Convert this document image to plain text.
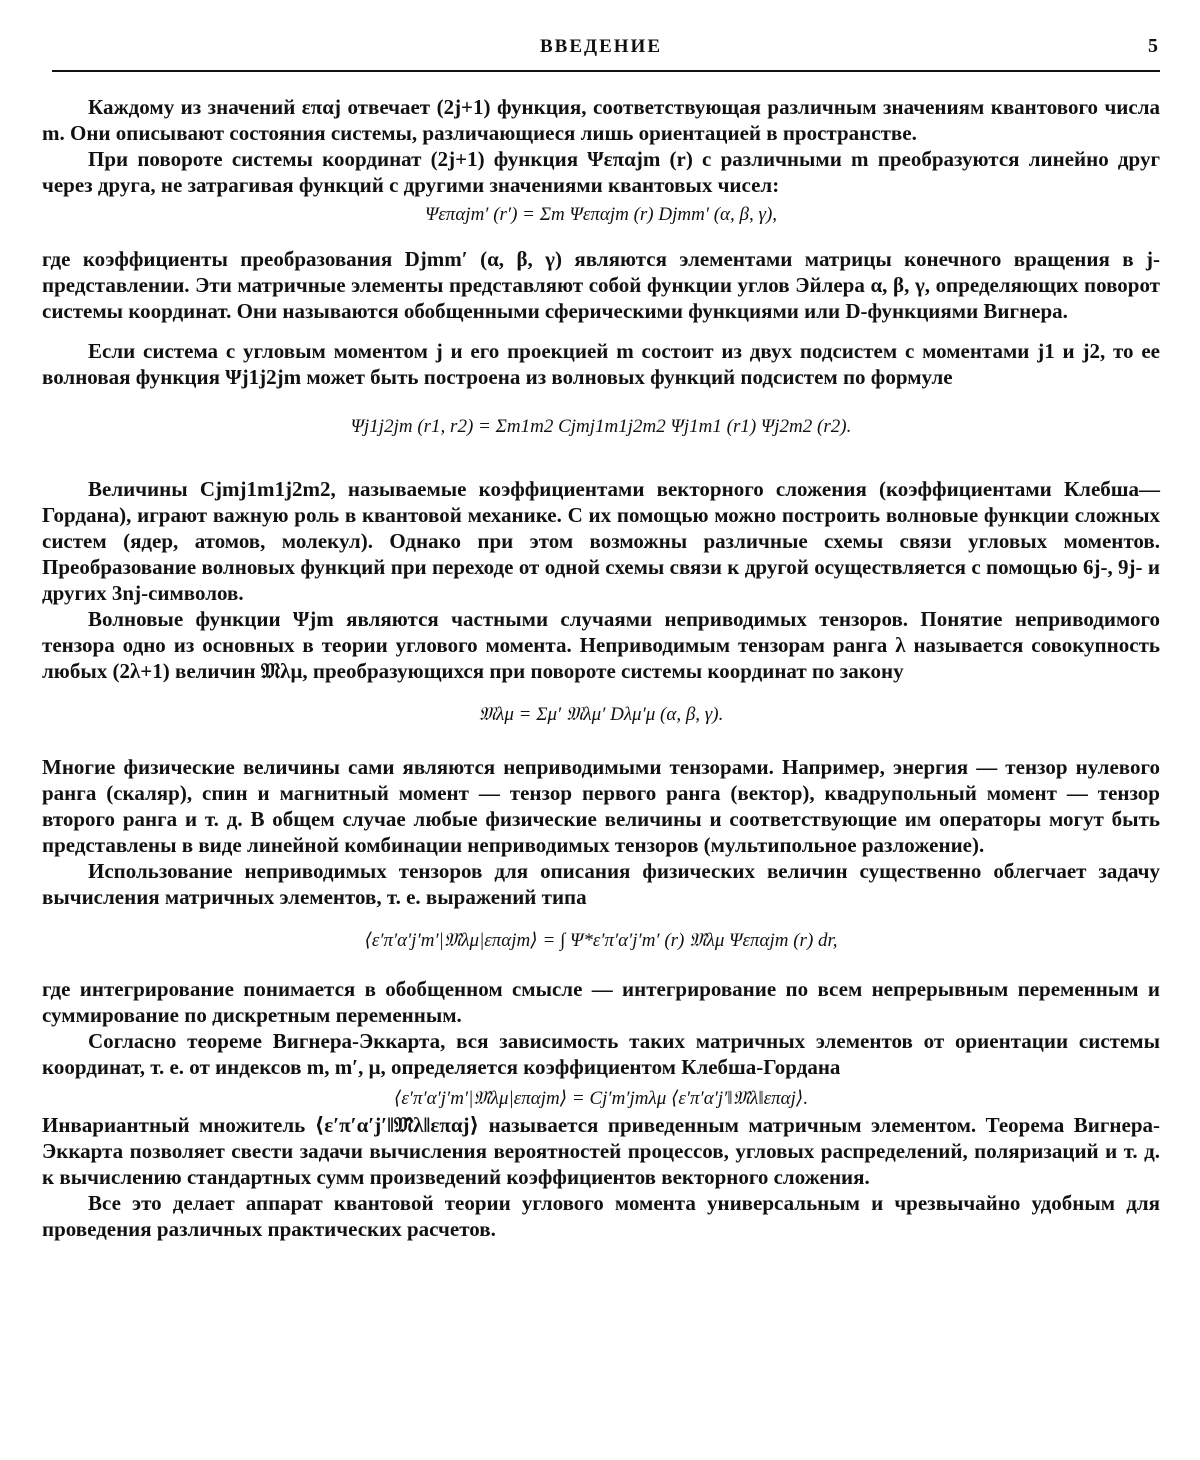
ВВЕДЕНИЕ	5

Каждому из значений επαj отвечает (2j+1) функция, соответствующая различным значениям квантового числа m. Они описывают состояния системы, различающиеся лишь ориентацией в пространстве.

При повороте системы координат (2j+1) функция Ψεπαjm (r) с различными m преобразуются линейно друг через друга, не затрагивая функций с другими значениями квантовых чисел:

Ψεπαjm′ (r′) = Σm Ψεπαjm (r) Djmm′ (α, β, γ),

где коэффициенты преобразования Djmm′ (α, β, γ) являются элементами матрицы конечного вращения в j-представлении. Эти матричные элементы представляют собой функции углов Эйлера α, β, γ, определяющих поворот системы координат. Они называются обобщенными сферическими функциями или D-функциями Вигнера.

Если система с угловым моментом j и его проекцией m состоит из двух подсистем с моментами j1 и j2, то ее волновая функция Ψj1j2jm может быть построена из волновых функций подсистем по формуле

Ψj1j2jm (r1, r2) = Σm1m2 Cjmj1m1j2m2 Ψj1m1 (r1) Ψj2m2 (r2).

Величины Cjmj1m1j2m2, называемые коэффициентами векторного сложения (коэффициентами Клебша—Гордана), играют важную роль в квантовой механике. С их помощью можно построить волновые функции сложных систем (ядер, атомов, молекул). Однако при этом возможны различные схемы связи угловых моментов. Преобразование волновых функций при переходе от одной схемы связи к другой осуществляется с помощью 6j-, 9j- и других 3nj-символов.

Волновые функции Ψjm являются частными случаями неприводимых тензоров. Понятие неприводимого тензора одно из основных в теории углового момента. Неприводимым тензорам ранга λ называется совокупность любых (2λ+1) величин 𝔐λμ, преобразующихся при повороте системы координат по закону

𝔐λμ = Σμ′ 𝔐λμ′ Dλμ′μ (α, β, γ).

Многие физические величины сами являются неприводимыми тензорами. Например, энергия — тензор нулевого ранга (скаляр), спин и магнитный момент — тензор первого ранга (вектор), квадрупольный момент — тензор второго ранга и т. д. В общем случае любые физические величины и соответствующие им операторы могут быть представлены в виде линейной комбинации неприводимых тензоров (мультипольное разложение).

Использование неприводимых тензоров для описания физических величин существенно облегчает задачу вычисления матричных элементов, т. е. выражений типа

⟨ε′π′α′j′m′|𝔐̂λμ|επαjm⟩ = ∫ Ψ*ε′π′α′j′m′ (r) 𝔐̂λμ Ψεπαjm (r) dr,

где интегрирование понимается в обобщенном смысле — интегрирование по всем непрерывным переменным и суммирование по дискретным переменным.

Согласно теореме Вигнера-Эккарта, вся зависимость таких матричных элементов от ориентации системы координат, т. е. от индексов m, m′, μ, определяется коэффициентом Клебша-Гордана

⟨ε′π′α′j′m′|𝔐̂λμ|επαjm⟩ = Cj′m′jmλμ ⟨ε′π′α′j′‖𝔐̂λ‖επαj⟩.

Инвариантный множитель ⟨ε′π′α′j′‖𝔐̂λ‖επαj⟩ называется приведенным матричным элементом. Теорема Вигнера-Эккарта позволяет свести задачи вычисления вероятностей процессов, угловых распределений, поляризаций и т. д. к вычислению стандартных сумм произведений коэффициентов векторного сложения.

Все это делает аппарат квантовой теории углового момента универсальным и чрезвычайно удобным для проведения различных практических расчетов.
